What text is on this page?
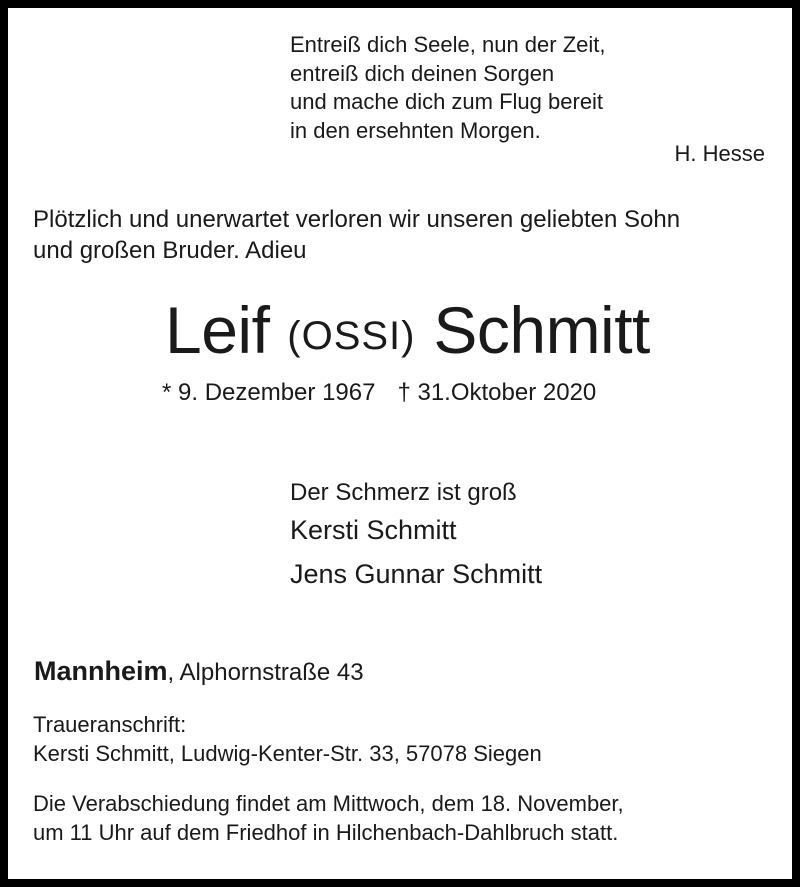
Entreiß dich Seele, nun der Zeit,
entreiß dich deinen Sorgen
und mache dich zum Flug bereit
in den ersehnten Morgen.
H. Hesse
Plötzlich und unerwartet verloren wir unseren geliebten Sohn
und großen Bruder. Adieu
Leif (OSSI) Schmitt
* 9. Dezember 1967 † 31.Oktober 2020
Der Schmerz ist groß
Kersti Schmitt
Jens Gunnar Schmitt
Mannheim, Alphornstraße 43
Traueranschrift:
Kersti Schmitt, Ludwig-Kenter-Str. 33, 57078 Siegen
Die Verabschiedung findet am Mittwoch, dem 18. November,
um 11 Uhr auf dem Friedhof in Hilchenbach-Dahlbruch statt.
